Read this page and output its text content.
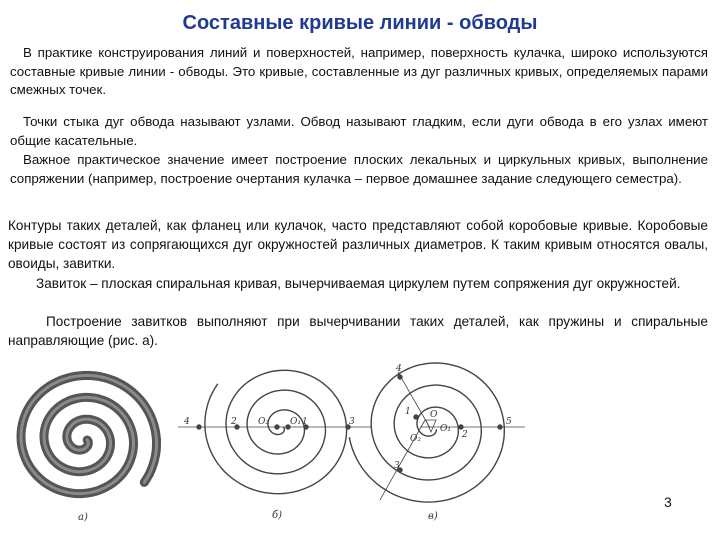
Составные кривые линии - обводы

В практике конструирования линий и поверхностей, например, поверхность кулачка, широко используются составные кривые линии - обводы. Это кривые, составленные из дуг различных кривых, определяемых парами смежных точек.

Точки стыка дуг обвода называют узлами. Обвод называют гладким, если дуги обвода в его узлах имеют общие касательные.

Важное практическое значение имеет построение плоских лекальных и циркульных кривых, выполнение сопряжении (например, построение очертания кулачка – первое домашнее задание следующего семестра).

Контуры таких деталей, как фланец или кулачок, часто представляют собой коробовые кривые. Коробовые кривые состоят из сопрягающихся дуг окружностей различных диаметров. К таким кривым относятся овалы, овоиды, завитки.

Завиток – плоская спиральная кривая, вычерчиваемая циркулем путем сопряжения дуг окружностей.

Построение завитков выполняют при вычерчивании таких деталей, как пружины и спиральные направляющие (рис. а).

а)
4	2 O₂ O₁ 1	3
б)
4
1 O
O₂
O₁
2
5
3
в)
3
